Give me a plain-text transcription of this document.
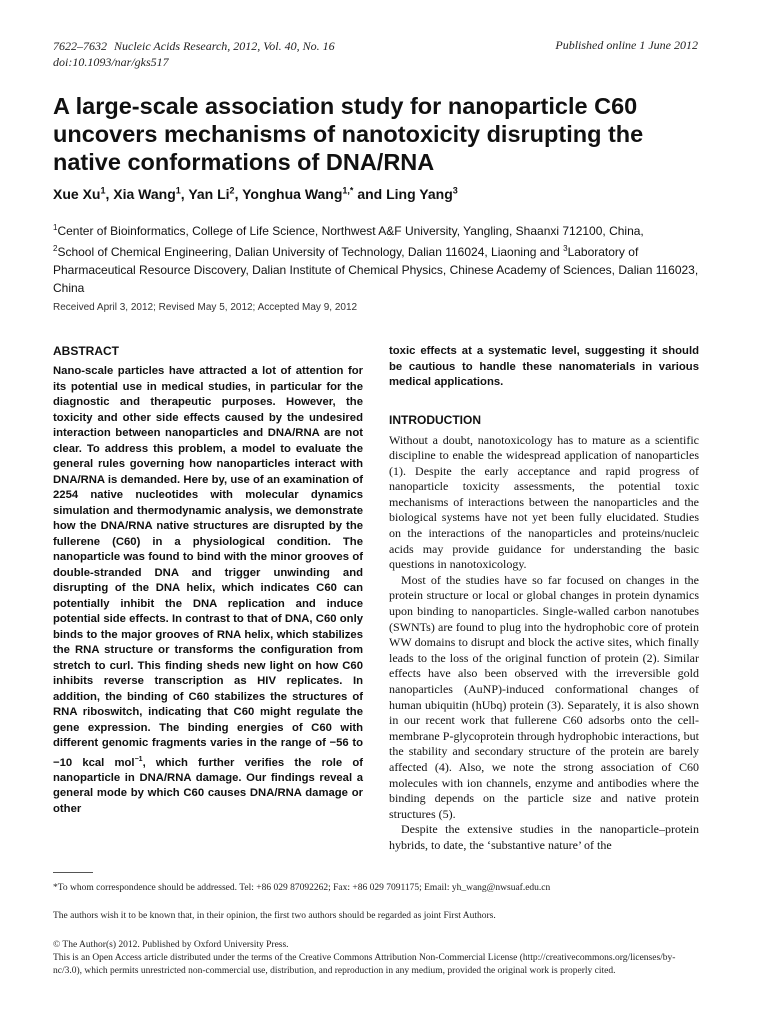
7622–7632 Nucleic Acids Research, 2012, Vol. 40, No. 16
doi:10.1093/nar/gks517
Published online 1 June 2012
A large-scale association study for nanoparticle C60 uncovers mechanisms of nanotoxicity disrupting the native conformations of DNA/RNA
Xue Xu$^1$, Xia Wang$^1$, Yan Li$^2$, Yonghua Wang$^{1,*}$ and Ling Yang$^3$
$^1$Center of Bioinformatics, College of Life Science, Northwest A&F University, Yangling, Shaanxi 712100, China,
$^2$School of Chemical Engineering, Dalian University of Technology, Dalian 116024, Liaoning and $^3$Laboratory of Pharmaceutical Resource Discovery, Dalian Institute of Chemical Physics, Chinese Academy of Sciences, Dalian 116023, China
Received April 3, 2012; Revised May 5, 2012; Accepted May 9, 2012
ABSTRACT

Nano-scale particles have attracted a lot of attention for its potential use in medical studies, in particular for the diagnostic and therapeutic purposes. However, the toxicity and other side effects caused by the undesired interaction between nanoparticles and DNA/RNA are not clear. To address this problem, a model to evaluate the general rules governing how nanoparticles interact with DNA/RNA is demanded. Here by, use of an examination of 2254 native nucleotides with molecular dynamics simulation and thermodynamic analysis, we demonstrate how the DNA/RNA native structures are disrupted by the fullerene (C60) in a physiological condition. The nanoparticle was found to bind with the minor grooves of double-stranded DNA and trigger unwinding and disrupting of the DNA helix, which indicates C60 can potentially inhibit the DNA replication and induce potential side effects. In contrast to that of DNA, C60 only binds to the major grooves of RNA helix, which stabilizes the RNA structure or transforms the configuration from stretch to curl. This finding sheds new light on how C60 inhibits reverse transcription as HIV replicates. In addition, the binding of C60 stabilizes the structures of RNA riboswitch, indicating that C60 might regulate the gene expression. The binding energies of C60 with different genomic fragments varies in the range of −56 to −10 kcal mol$^{-1}$, which further verifies the role of nanoparticle in DNA/RNA damage. Our findings reveal a general mode by which C60 causes DNA/RNA damage or other

toxic effects at a systematic level, suggesting it should be cautious to handle these nanomaterials in various medical applications.

INTRODUCTION

Without a doubt, nanotoxicology has to mature as a scientific discipline to enable the widespread application of nanoparticles (1). Despite the early acceptance and rapid progress of nanoparticle toxicity assessments, the potential toxic mechanisms of interactions between the nanoparticles and the biological systems have not yet been fully elucidated. Studies on the interactions of the nanoparticles and proteins/nucleic acids may provide guidance for understanding the basic questions in nanotoxicology.

Most of the studies have so far focused on changes in the protein structure or local or global changes in protein dynamics upon binding to nanoparticles. Single-walled carbon nanotubes (SWNTs) are found to plug into the hydrophobic core of protein WW domains to disrupt and block the active sites, which finally leads to the loss of the original function of protein (2). Similar effects have also been observed with the irreversible gold nanoparticles (AuNP)-induced conformational changes of human ubiquitin (hUbq) protein (3). Separately, it is also shown in our recent work that fullerene C60 adsorbs onto the cell-membrane P-glycoprotein through hydrophobic interactions, but the stability and secondary structure of the protein are barely affected (4). Also, we note the strong association of C60 molecules with ion channels, enzyme and antibodies where the binding depends on the particle size and native protein structures (5).

Despite the extensive studies in the nanoparticle–protein hybrids, to date, the ‘substantive nature’ of the

*To whom correspondence should be addressed. Tel: +86 029 87092262; Fax: +86 029 7091175; Email: yh_wang@nwsuaf.edu.cn
The authors wish it to be known that, in their opinion, the first two authors should be regarded as joint First Authors.
© The Author(s) 2012. Published by Oxford University Press.
This is an Open Access article distributed under the terms of the Creative Commons Attribution Non-Commercial License (http://creativecommons.org/licenses/by-nc/3.0), which permits unrestricted non-commercial use, distribution, and reproduction in any medium, provided the original work is properly cited.
